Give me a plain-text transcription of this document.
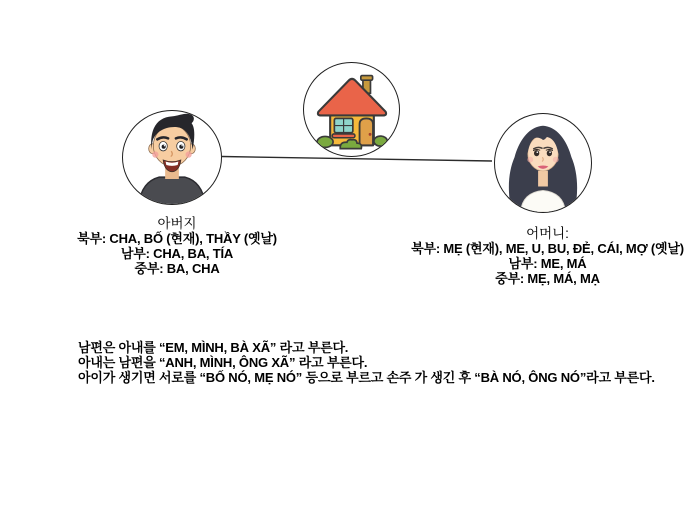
아버지
북부: CHA, BỐ (현재), THẦY (옛날)
남부: CHA, BA, TÍA
중부: BA, CHA
어머니:
북부: MẸ (현재), ME, U, BU, ĐẺ, CÁI, MỢ (옛날)
남부: ME, MÁ
중부: MẸ, MÁ, MẠ
남편은 아내를 “EM, MÌNH, BÀ XÃ” 라고 부른다.
아내는 남편을 “ANH, MÌNH, ÔNG XÃ” 라고 부른다.
아이가 생기면 서로를 “BỐ NÓ, MẸ NÓ” 등으로 부르고 손주 가 생긴 후 “BÀ NÓ, ÔNG NÓ”라고 부른다.
